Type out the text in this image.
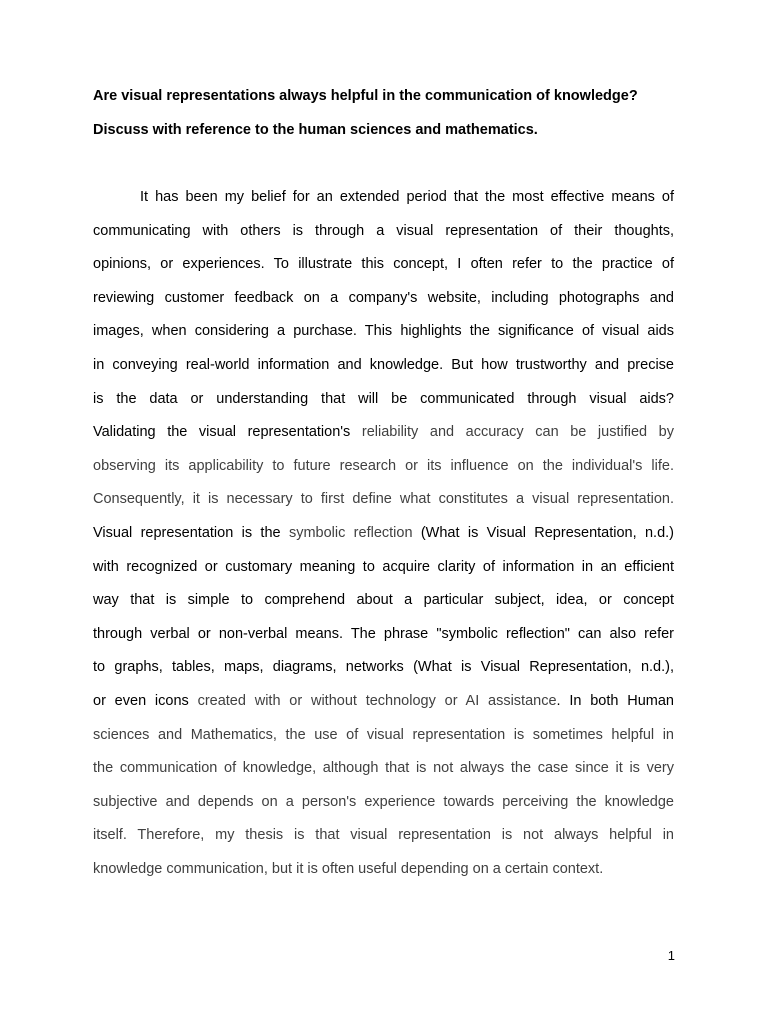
Are visual representations always helpful in the communication of knowledge?
Discuss with reference to the human sciences and mathematics.
It has been my belief for an extended period that the most effective means of
communicating with others is through a visual representation of their thoughts,
opinions, or experiences. To illustrate this concept, I often refer to the practice of
reviewing customer feedback on a company's website, including photographs and
images, when considering a purchase. This highlights the significance of visual aids
in conveying real-world information and knowledge. But how trustworthy and precise
is the data or understanding that will be communicated through visual aids?
Validating the visual representation's reliability and accuracy can be justified by
observing its applicability to future research or its influence on the individual's life.
Consequently, it is necessary to first define what constitutes a visual representation.
Visual representation is the symbolic reflection (What is Visual Representation, n.d.)
with recognized or customary meaning to acquire clarity of information in an efficient
way that is simple to comprehend about a particular subject, idea, or concept
through verbal or non-verbal means. The phrase "symbolic reflection" can also refer
to graphs, tables, maps, diagrams, networks (What is Visual Representation, n.d.),
or even icons created with or without technology or AI assistance. In both Human
sciences and Mathematics, the use of visual representation is sometimes helpful in
the communication of knowledge, although that is not always the case since it is very
subjective and depends on a person's experience towards perceiving the knowledge
itself. Therefore, my thesis is that visual representation is not always helpful in
knowledge communication, but it is often useful depending on a certain context.
1
